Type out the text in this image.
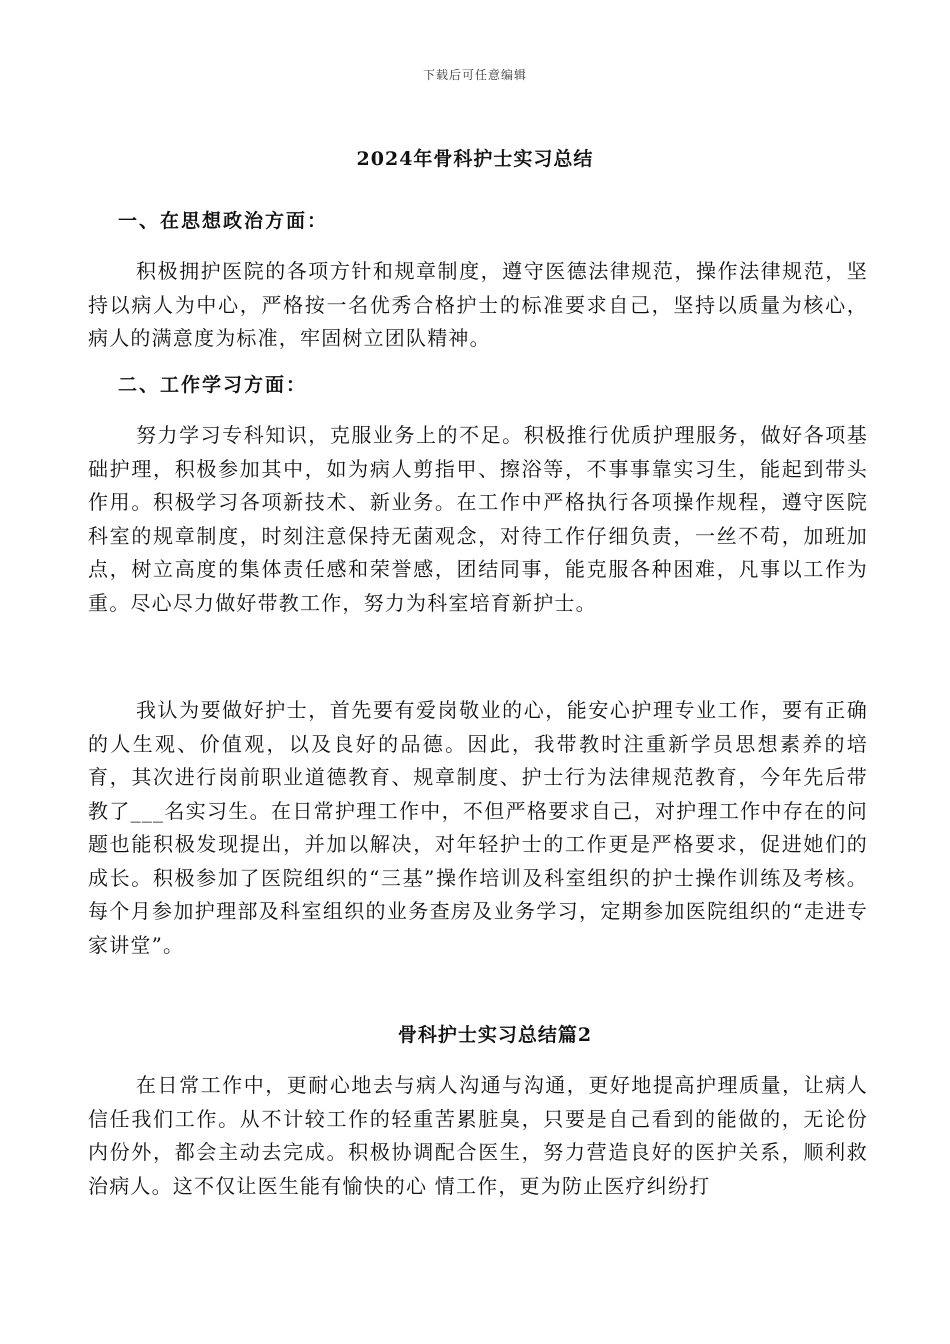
下载后可任意编辑
2024年骨科护士实习总结
一、在思想政治方面：
积极拥护医院的各项方针和规章制度，遵守医德法律规范，操作法律规范，坚持以病人为中心，严格按一名优秀合格护士的标准要求自己，坚持以质量为核心，病人的满意度为标准，牢固树立团队精神。
二、工作学习方面：
努力学习专科知识，克服业务上的不足。积极推行优质护理服务，做好各项基础护理，积极参加其中，如为病人剪指甲、擦浴等，不事事靠实习生，能起到带头作用。积极学习各项新技术、新业务。在工作中严格执行各项操作规程，遵守医院科室的规章制度，时刻注意保持无菌观念，对待工作仔细负责，一丝不苟，加班加点，树立高度的集体责任感和荣誉感，团结同事，能克服各种困难，凡事以工作为重。尽心尽力做好带教工作，努力为科室培育新护士。
我认为要做好护士，首先要有爱岗敬业的心，能安心护理专业工作，要有正确的人生观、价值观，以及良好的品德。因此，我带教时注重新学员思想素养的培育，其次进行岗前职业道德教育、规章制度、护士行为法律规范教育，今年先后带教了___名实习生。在日常护理工作中，不但严格要求自己，对护理工作中存在的问题也能积极发现提出，并加以解决，对年轻护士的工作更是严格要求，促进她们的成长。积极参加了医院组织的“三基”操作培训及科室组织的护士操作训练及考核。每个月参加护理部及科室组织的业务查房及业务学习，定期参加医院组织的“走进专家讲堂”。
骨科护士实习总结篇2
在日常工作中，更耐心地去与病人沟通与沟通，更好地提高护理质量，让病人信任我们工作。从不计较工作的轻重苦累脏臭，只要是自己看到的能做的，无论份内份外，都会主动去完成。积极协调配合医生，努力营造良好的医护关系，顺利救治病人。这不仅让医生能有愉快的心 情工作，更为防止医疗纠纷打
